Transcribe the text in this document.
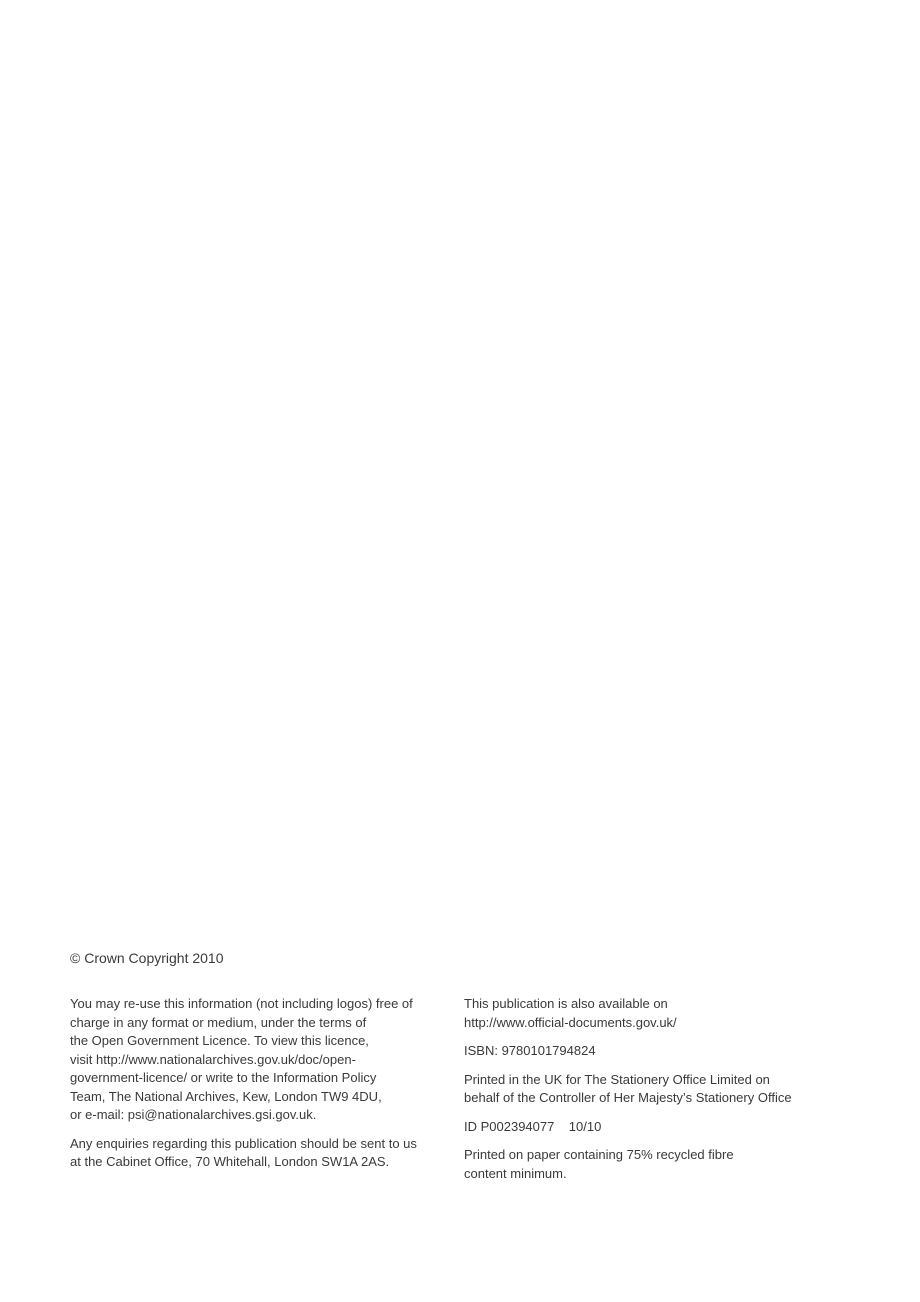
© Crown Copyright 2010

You may re-use this information (not including logos) free of
charge in any format or medium, under the terms of
the Open Government Licence. To view this licence,
visit http://www.nationalarchives.gov.uk/doc/open-
government-licence/ or write to the Information Policy
Team, The National Archives, Kew, London TW9 4DU,
or e-mail: psi@nationalarchives.gsi.gov.uk.

Any enquiries regarding this publication should be sent to us
at the Cabinet Office, 70 Whitehall, London SW1A 2AS.

This publication is also available on
http://www.official-documents.gov.uk/

ISBN: 9780101794824

Printed in the UK for The Stationery Office Limited on
behalf of the Controller of Her Majesty’s Stationery Office

ID P002394077    10/10

Printed on paper containing 75% recycled fibre
content minimum.
